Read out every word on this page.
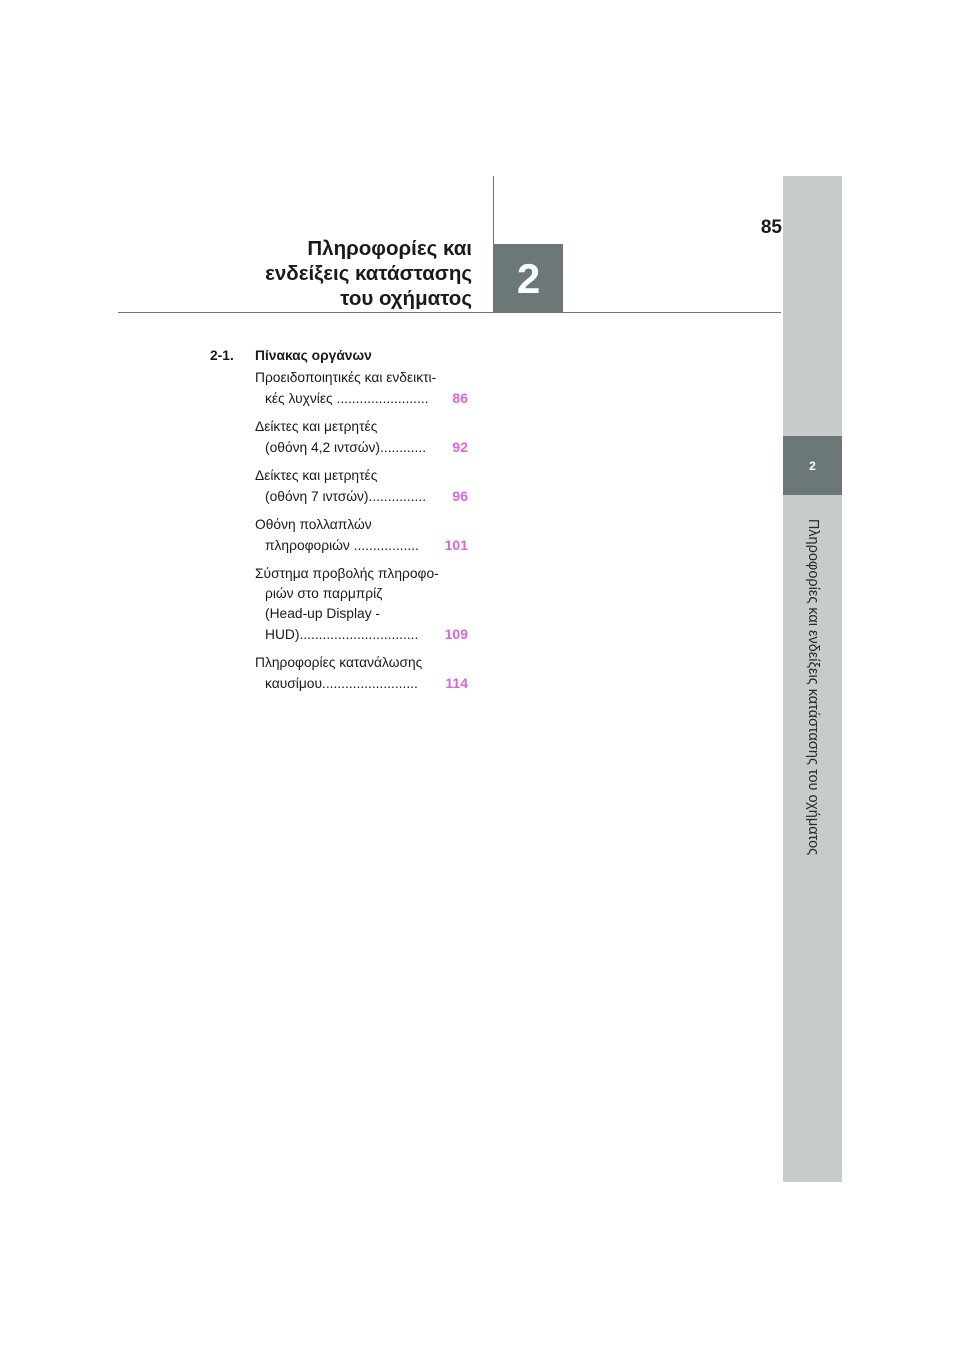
Πληροφορίες και
ενδείξεις κατάστασης
του οχήματος	2
85
2
Πληροφορίες και ενδείξεις κατάστασης του οχήματος
2-1.	Πίνακας οργάνων
Προειδοποιητικές και ενδεικτι-
κές λυχνίες ........................	86
Δείκτες και μετρητές
(οθόνη 4,2 ιντσών)............	92
Δείκτες και μετρητές
(οθόνη 7 ιντσών)...............	96
Οθόνη πολλαπλών
πληροφοριών .................	101
Σύστημα προβολής πληροφο-
ριών στο παρμπρίζ
(Head-up Display -
HUD)...............................	109
Πληροφορίες κατανάλωσης
καυσίμου.........................	114
